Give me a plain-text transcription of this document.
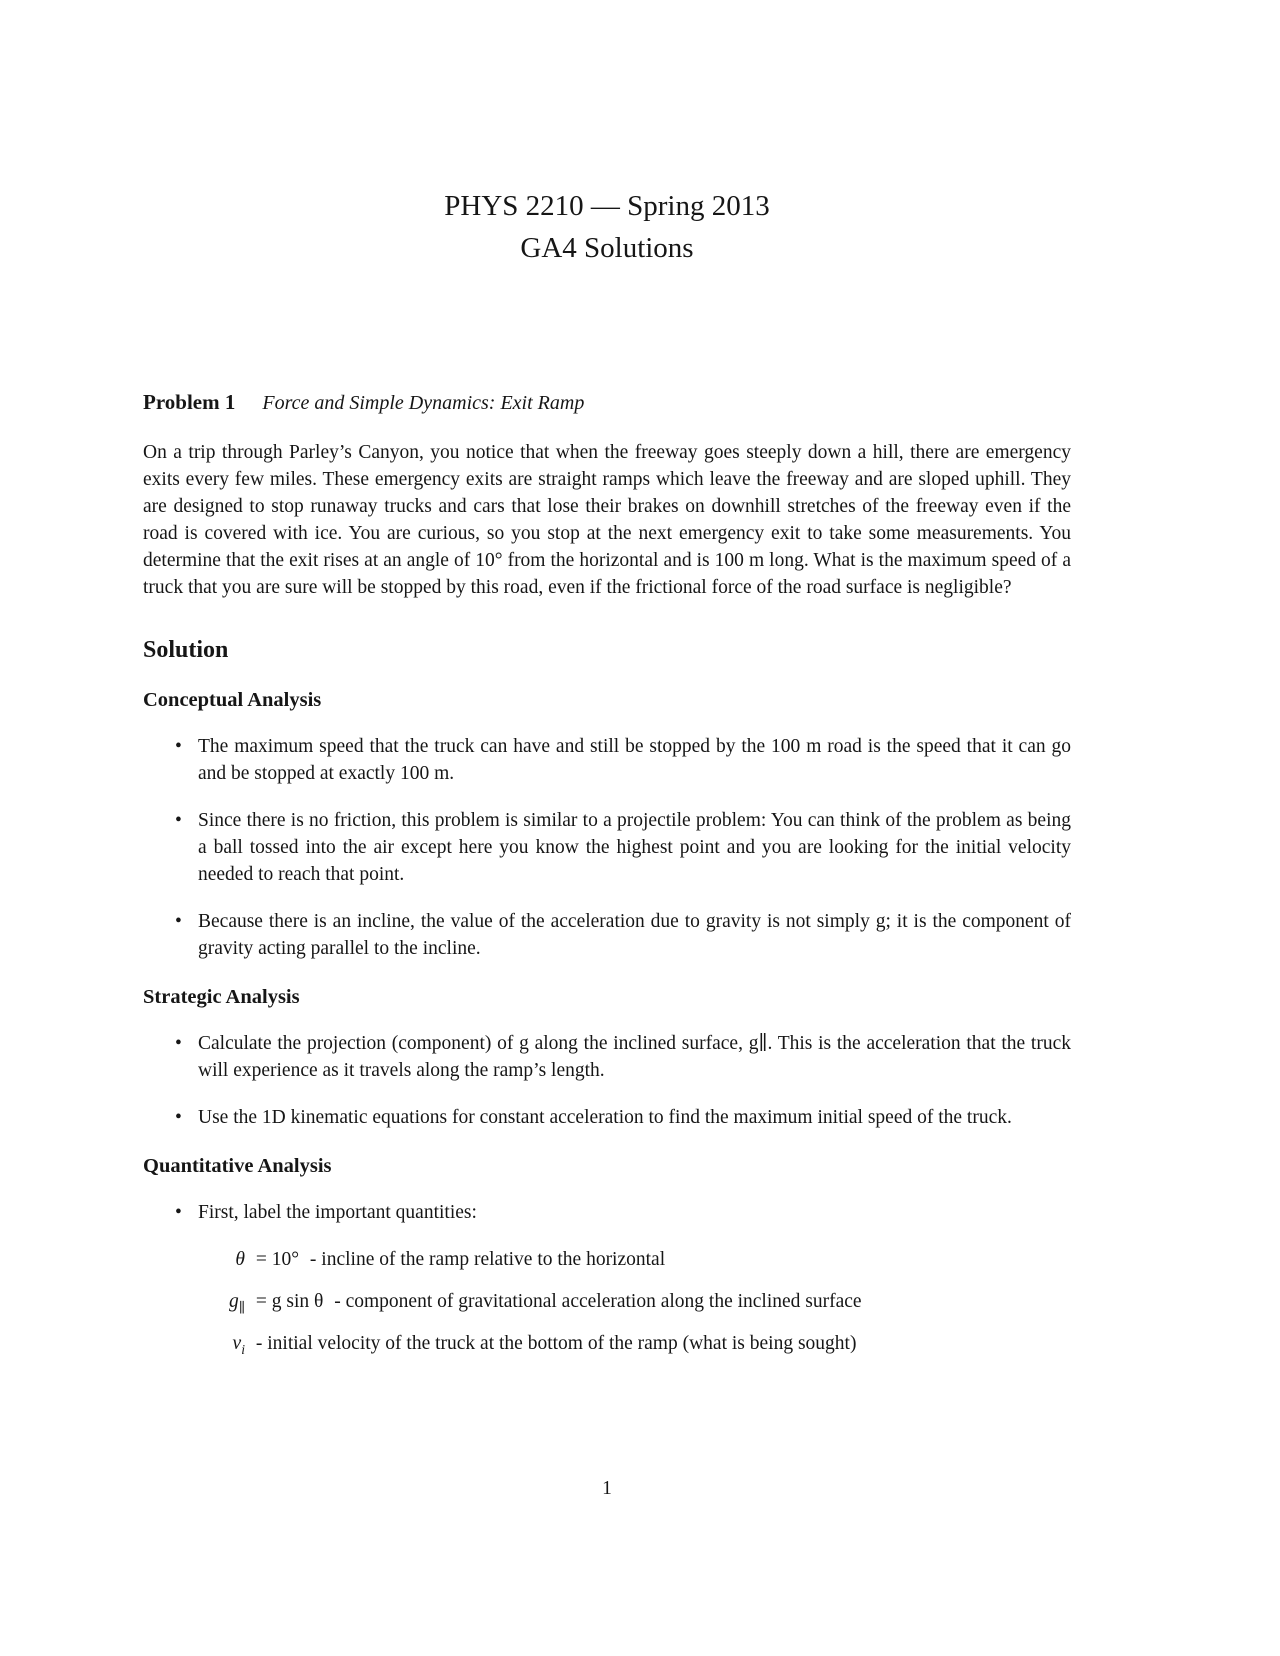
PHYS 2210 — Spring 2013
GA4 Solutions

Problem 1 Force and Simple Dynamics: Exit Ramp

On a trip through Parley’s Canyon, you notice that when the freeway goes steeply down a hill, there are emergency exits every few miles. These emergency exits are straight ramps which leave the freeway and are sloped uphill. They are designed to stop runaway trucks and cars that lose their brakes on downhill stretches of the freeway even if the road is covered with ice. You are curious, so you stop at the next emergency exit to take some measurements. You determine that the exit rises at an angle of 10° from the horizontal and is 100 m long. What is the maximum speed of a truck that you are sure will be stopped by this road, even if the frictional force of the road surface is negligible?

Solution
Conceptual Analysis
• The maximum speed that the truck can have and still be stopped by the 100 m road is the speed that it can go and be stopped at exactly 100 m.
• Since there is no friction, this problem is similar to a projectile problem: You can think of the problem as being a ball tossed into the air except here you know the highest point and you are looking for the initial velocity needed to reach that point.
• Because there is an incline, the value of the acceleration due to gravity is not simply g; it is the component of gravity acting parallel to the incline.
Strategic Analysis
• Calculate the projection (component) of g along the inclined surface, g∥. This is the acceleration that the truck will experience as it travels along the ramp’s length.
• Use the 1D kinematic equations for constant acceleration to find the maximum initial speed of the truck.
Quantitative Analysis
• First, label the important quantities:
θ = 10° - incline of the ramp relative to the horizontal
$g_\parallel = g$ sin θ - component of gravitational acceleration along the inclined surface
$v_i$ - initial velocity of the truck at the bottom of the ramp (what is being sought)
1
